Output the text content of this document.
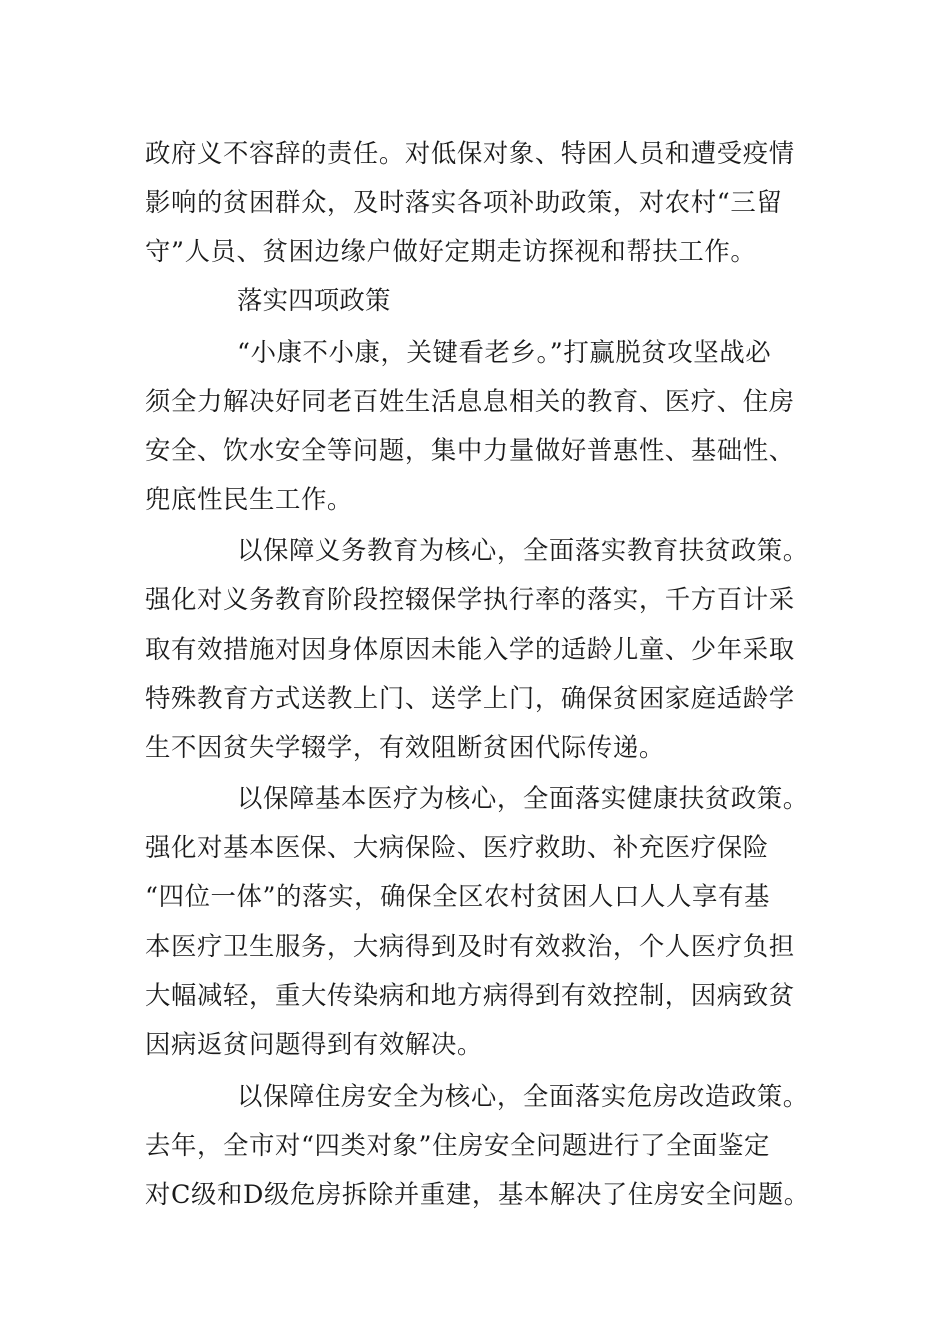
政府义不容辞的责任。对低保对象、特困人员和遭受疫情

影响的贫困群众，及时落实各项补助政策，对农村“三留

守”人员、贫困边缘户做好定期走访探视和帮扶工作。

落实四项政策

“小康不小康，关键看老乡。”打赢脱贫攻坚战必

须全力解决好同老百姓生活息息相关的教育、医疗、住房

安全、饮水安全等问题，集中力量做好普惠性、基础性、

兜底性民生工作。

以保障义务教育为核心，全面落实教育扶贫政策。

强化对义务教育阶段控辍保学执行率的落实，千方百计采

取有效措施对因身体原因未能入学的适龄儿童、少年采取

特殊教育方式送教上门、送学上门，确保贫困家庭适龄学

生不因贫失学辍学，有效阻断贫困代际传递。

以保障基本医疗为核心，全面落实健康扶贫政策。

强化对基本医保、大病保险、医疗救助、补充医疗保险

“四位一体”的落实，确保全区农村贫困人口人人享有基

本医疗卫生服务，大病得到及时有效救治，个人医疗负担

大幅减轻，重大传染病和地方病得到有效控制，因病致贫

因病返贫问题得到有效解决。

以保障住房安全为核心，全面落实危房改造政策。

去年，全市对“四类对象”住房安全问题进行了全面鉴定

对C级和D级危房拆除并重建，基本解决了住房安全问题。
